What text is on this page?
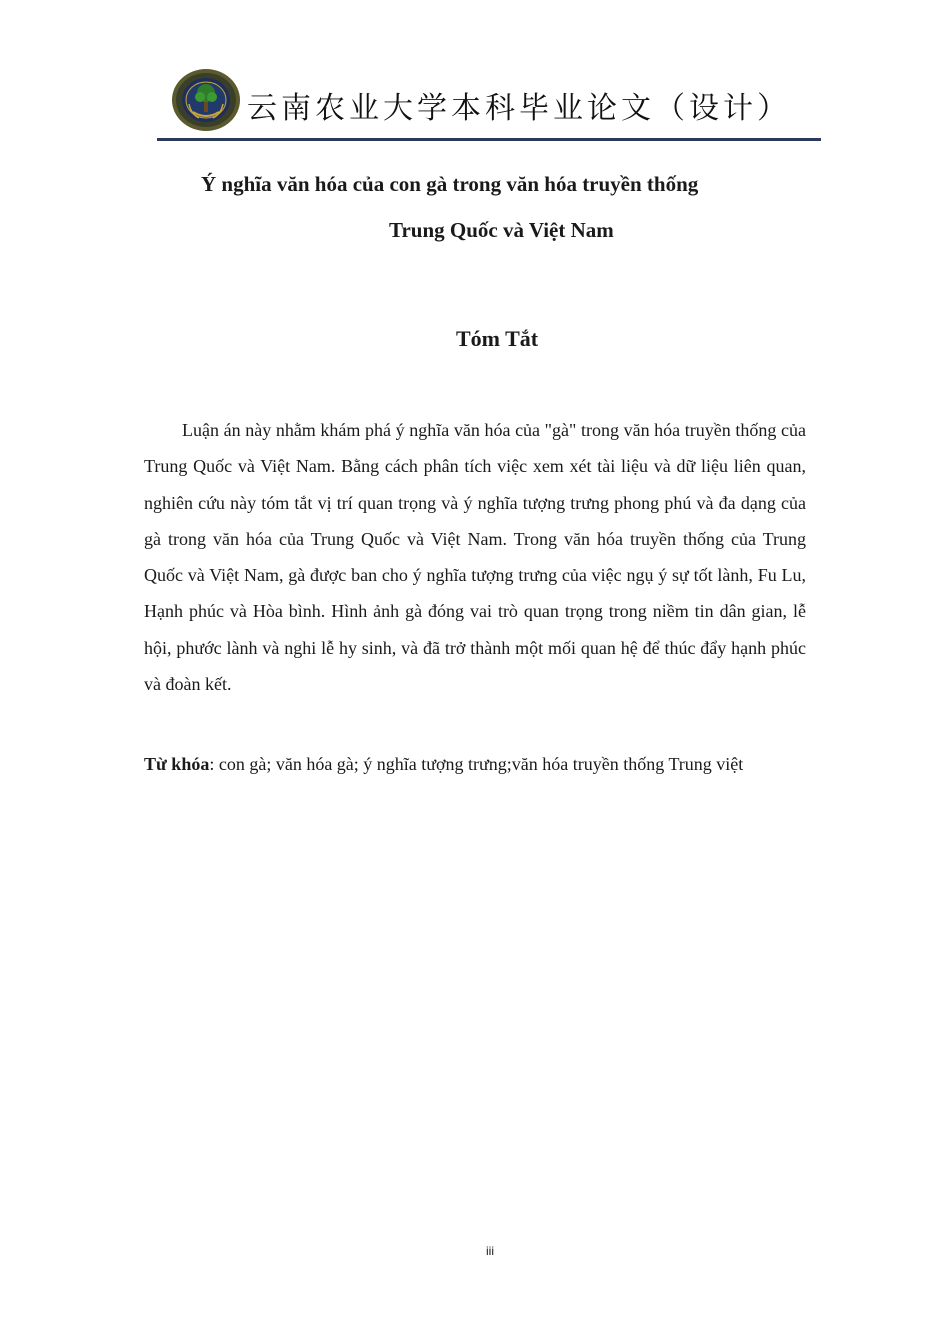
云南农业大学本科毕业论文（设计）
Ý nghĩa văn hóa của con gà trong văn hóa truyền thống
Trung Quốc và Việt Nam
Tóm Tắt

Luận án này nhằm khám phá ý nghĩa văn hóa của "gà" trong văn hóa truyền thống của Trung Quốc và Việt Nam. Bằng cách phân tích việc xem xét tài liệu và dữ liệu liên quan, nghiên cứu này tóm tắt vị trí quan trọng và ý nghĩa tượng trưng phong phú và đa dạng của gà trong văn hóa của Trung Quốc và Việt Nam. Trong văn hóa truyền thống của Trung Quốc và Việt Nam, gà được ban cho ý nghĩa tượng trưng của việc ngụ ý sự tốt lành, Fu Lu, Hạnh phúc và Hòa bình. Hình ảnh gà đóng vai trò quan trọng trong niềm tin dân gian, lễ hội, phước lành và nghi lễ hy sinh, và đã trở thành một mối quan hệ để thúc đẩy hạnh phúc và đoàn kết.

Từ khóa: con gà; văn hóa gà; ý nghĩa tượng trưng;văn hóa truyền thống Trung việt
iii
